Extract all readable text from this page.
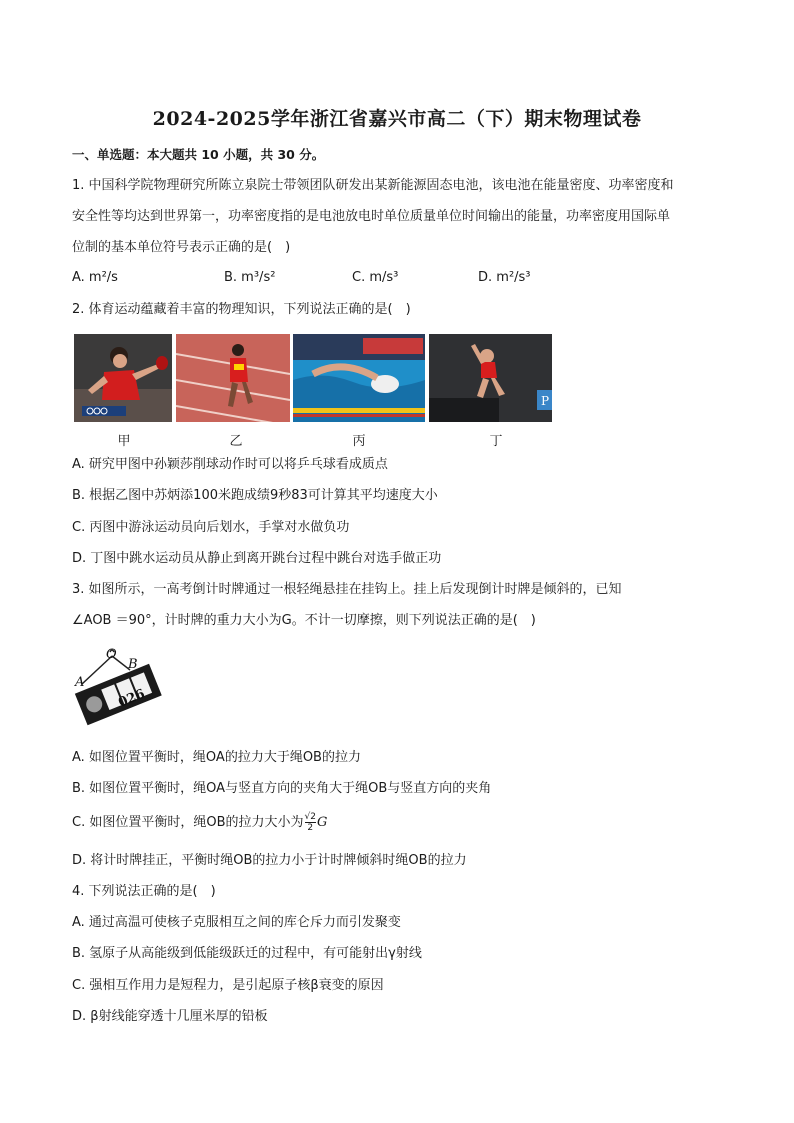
2024-2025学年浙江省嘉兴市高二（下）期末物理试卷
一、单选题：本大题共 10 小题，共 30 分。
1. 中国科学院物理研究所陈立泉院士带领团队研发出某新能源固态电池，该电池在能量密度、功率密度和
安全性等均达到世界第一，功率密度指的是电池放电时单位质量单位时间输出的能量，功率密度用国际单
位制的基本单位符号表示正确的是(　)
A. m²/s	B. m³/s²	C. m/s³	D. m²/s³
2. 体育运动蕴藏着丰富的物理知识，下列说法正确的是(　)
P
甲	乙	丙	丁
A. 研究甲图中孙颖莎削球动作时可以将乒乓球看成质点
B. 根据乙图中苏炳添100米跑成绩9秒83可计算其平均速度大小
C. 丙图中游泳运动员向后划水，手掌对水做负功
D. 丁图中跳水运动员从静止到离开跳台过程中跳台对选手做正功
3. 如图所示，一高考倒计时牌通过一根轻绳悬挂在挂钩上。挂上后发现倒计时牌是倾斜的，已知
∠AOB ＝90°，计时牌的重力大小为G。不计一切摩擦，则下列说法正确的是(　)
O
A
B
026
A. 如图位置平衡时，绳OA的拉力大于绳OB的拉力
B. 如图位置平衡时，绳OA与竖直方向的夹角大于绳OB与竖直方向的夹角
C. 如图位置平衡时，绳OB的拉力大小为 $\frac{√2}{2}$ G
D. 将计时牌挂正，平衡时绳OB的拉力小于计时牌倾斜时绳OB的拉力
4. 下列说法正确的是(　)
A. 通过高温可使核子克服相互之间的库仑斥力而引发聚变
B. 氢原子从高能级到低能级跃迁的过程中，有可能射出γ射线
C. 强相互作用力是短程力，是引起原子核β衰变的原因
D. β射线能穿透十几厘米厚的铅板
